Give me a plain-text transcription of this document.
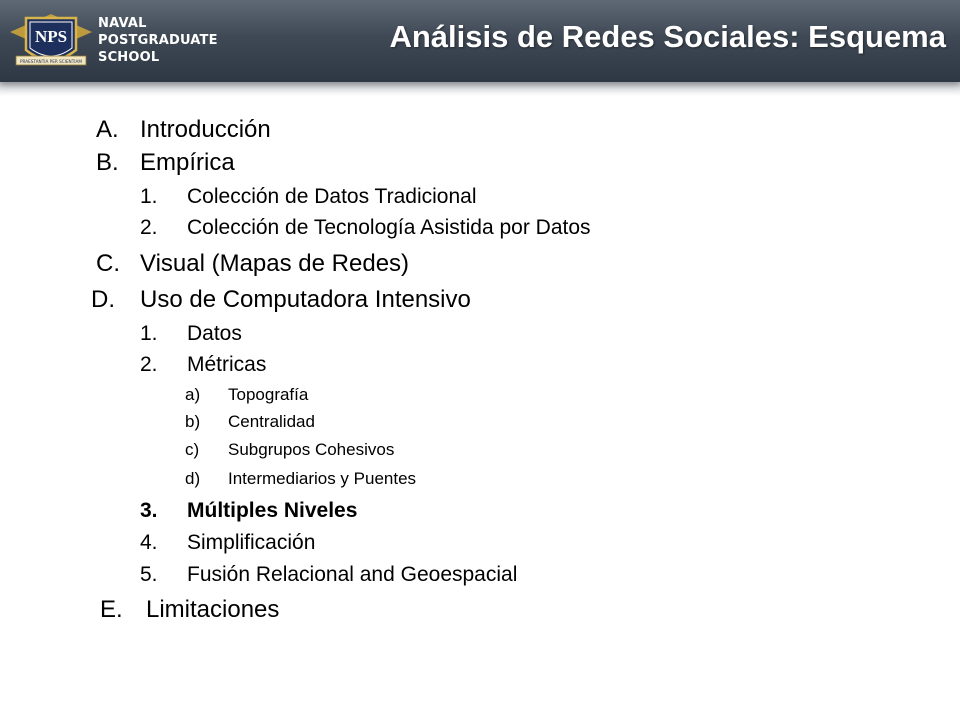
NPS
PRAESTANTIA PER SCIENTIAM
NAVAL
POSTGRADUATE
SCHOOL
Análisis de Redes Sociales: Esquema
A. Introducción
B. Empírica
1. Colección de Datos Tradicional
2. Colección de Tecnología Asistida por Datos
C. Visual (Mapas de Redes)
D. Uso de Computadora Intensivo
1. Datos
2. Métricas
a) Topografía
b) Centralidad
c) Subgrupos Cohesivos
d) Intermediarios y Puentes
3. Múltiples Niveles
4. Simplificación
5. Fusión Relacional and Geoespacial
E. Limitaciones
